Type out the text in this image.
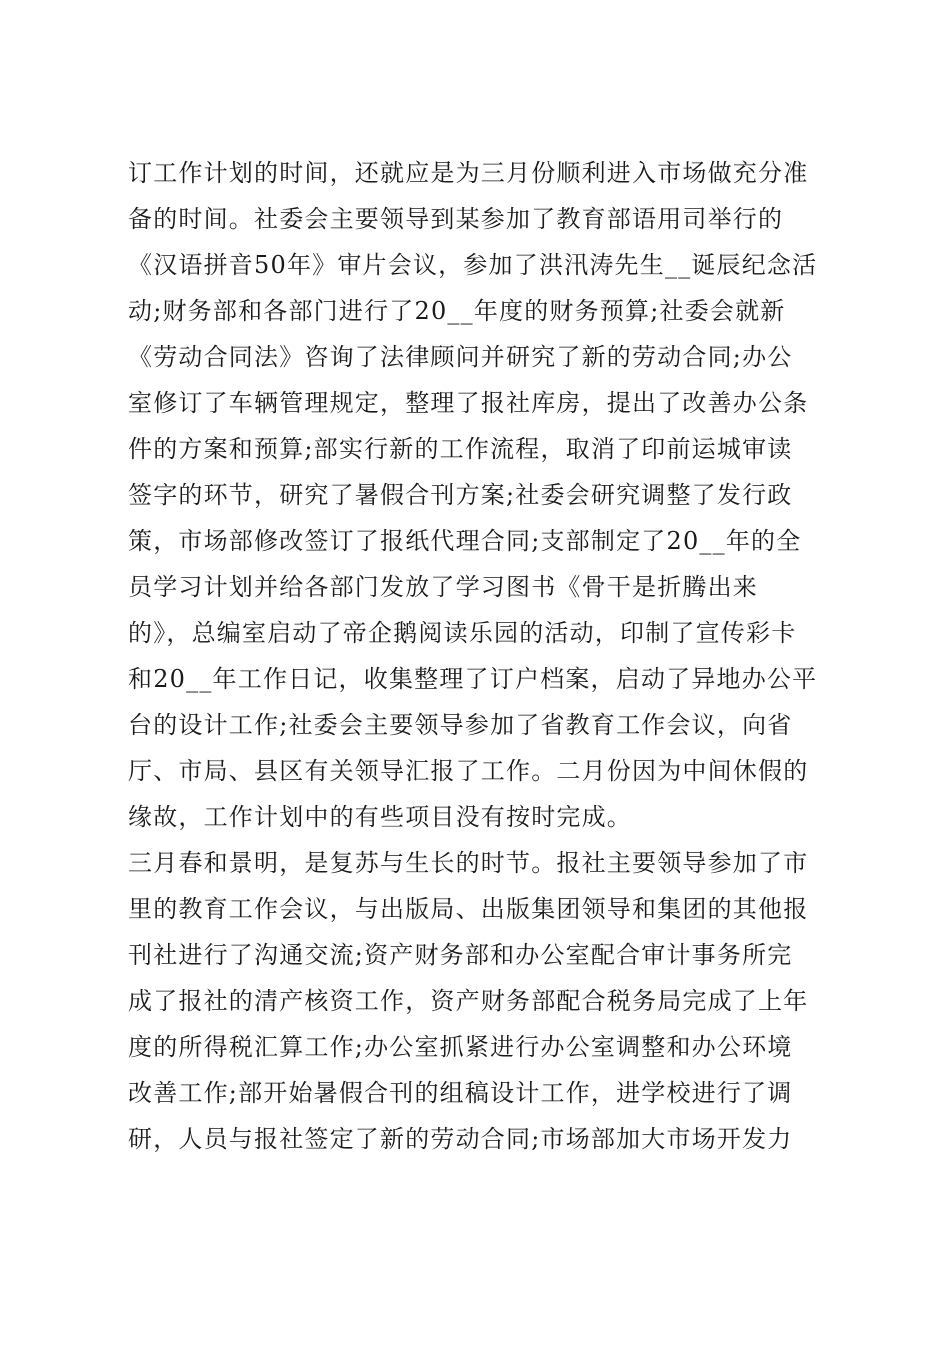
订工作计划的时间，还就应是为三月份顺利进入市场做充分准
备的时间。社委会主要领导到某参加了教育部语用司举行的
《汉语拼音50年》审片会议，参加了洪汛涛先生__诞辰纪念活
动;财务部和各部门进行了20__年度的财务预算;社委会就新
《劳动合同法》咨询了法律顾问并研究了新的劳动合同;办公
室修订了车辆管理规定，整理了报社库房，提出了改善办公条
件的方案和预算;部实行新的工作流程，取消了印前运城审读
签字的环节，研究了暑假合刊方案;社委会研究调整了发行政
策，市场部修改签订了报纸代理合同;支部制定了20__年的全
员学习计划并给各部门发放了学习图书《骨干是折腾出来
的》，总编室启动了帝企鹅阅读乐园的活动，印制了宣传彩卡
和20__年工作日记，收集整理了订户档案，启动了异地办公平
台的设计工作;社委会主要领导参加了省教育工作会议，向省
厅、市局、县区有关领导汇报了工作。二月份因为中间休假的
缘故，工作计划中的有些项目没有按时完成。
三月春和景明，是复苏与生长的时节。报社主要领导参加了市
里的教育工作会议，与出版局、出版集团领导和集团的其他报
刊社进行了沟通交流;资产财务部和办公室配合审计事务所完
成了报社的清产核资工作，资产财务部配合税务局完成了上年
度的所得税汇算工作;办公室抓紧进行办公室调整和办公环境
改善工作;部开始暑假合刊的组稿设计工作，进学校进行了调
研，人员与报社签定了新的劳动合同;市场部加大市场开发力
